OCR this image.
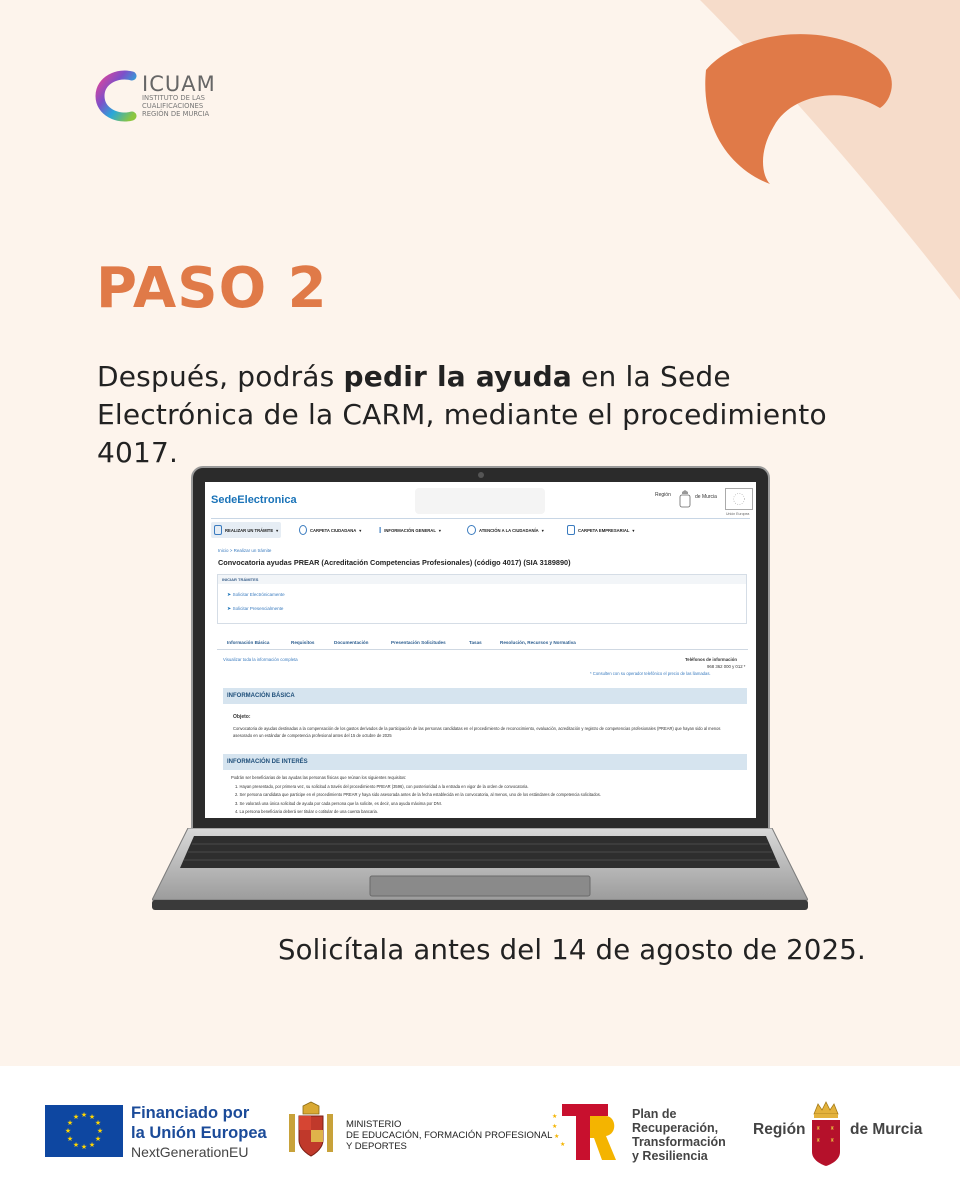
ICUAM
INSTITUTO DE LAS
CUALIFICACIONES
REGIÓN DE MURCIA
PASO 2
Después, podrás pedir la ayuda en la Sede Electrónica de la CARM, mediante el procedimiento 4017.
SedeElectronica	Región	de Murcia
Unión Europea
REALIZAR UN TRÁMITE ▾	CARPETA CIUDADANA ▾ I INFORMACIÓN GENERAL ▾	ATENCIÓN A LA CIUDADANÍA ▾	CARPETA EMPRESARIAL ▾
Inicio > Realizar un trámite
Convocatoria ayudas PREAR (Acreditación Competencias Profesionales) (código 4017) (SIA 3189890)
INICIAR TRÁMITES
➤ Solicitar Electrónicamente
➤ Solicitar Presencialmente
Información Básica	Requisitos	Documentación	Presentación Solicitudes	Tasas	Resolución, Recursos y Normativa
Visualizar toda la información completa	Teléfonos de información
968 362 000 y 012 *
* Consulten con su operador telefónico el precio de las llamadas.
INFORMACIÓN BÁSICA
Objeto:
Convocatoria de ayudas destinadas a la compensación de los gastos derivados de la participación de las personas candidatas en el procedimiento de reconocimiento, evaluación, acreditación y registro de competencias profesionales (PREAR) que hayan sido al menos asesorado en un estándar de competencia profesional antes del 15 de octubre de 2025
INFORMACIÓN DE INTERÉS
Podrán ser beneficiarias de las ayudas las personas físicas que reúnan los siguientes requisitos:
1. Hayan presentado, por primera vez, su solicitud a través del procedimiento PREAR (3596), con posterioridad a la entrada en vigor de la orden de convocatoria.
2. Ser persona candidata que participe en el procedimiento PREAR y haya sido asesorada antes de la fecha establecida en la convocatoria, al menos, uno de los estándares de competencia solicitados.
3. Se valorará una única solicitud de ayuda por cada persona que la solicite, es decir, una ayuda máxima por DNI.
4. La persona beneficiaria deberá ser titular o cotitular de una cuenta bancaria.
Solicítala antes del 14 de agosto de 2025.
★ ★
★
★
★
★
★
★
★
★
★
★	Financiado por
la Unión Europea
NextGenerationEU
MINISTERIO
DE EDUCACIÓN, FORMACIÓN PROFESIONAL
Y DEPORTES
★
★
★
★	Plan de
Recuperación,
Transformación
y Resiliencia
Región ♜ ♜
♜ ♜
de Murcia
